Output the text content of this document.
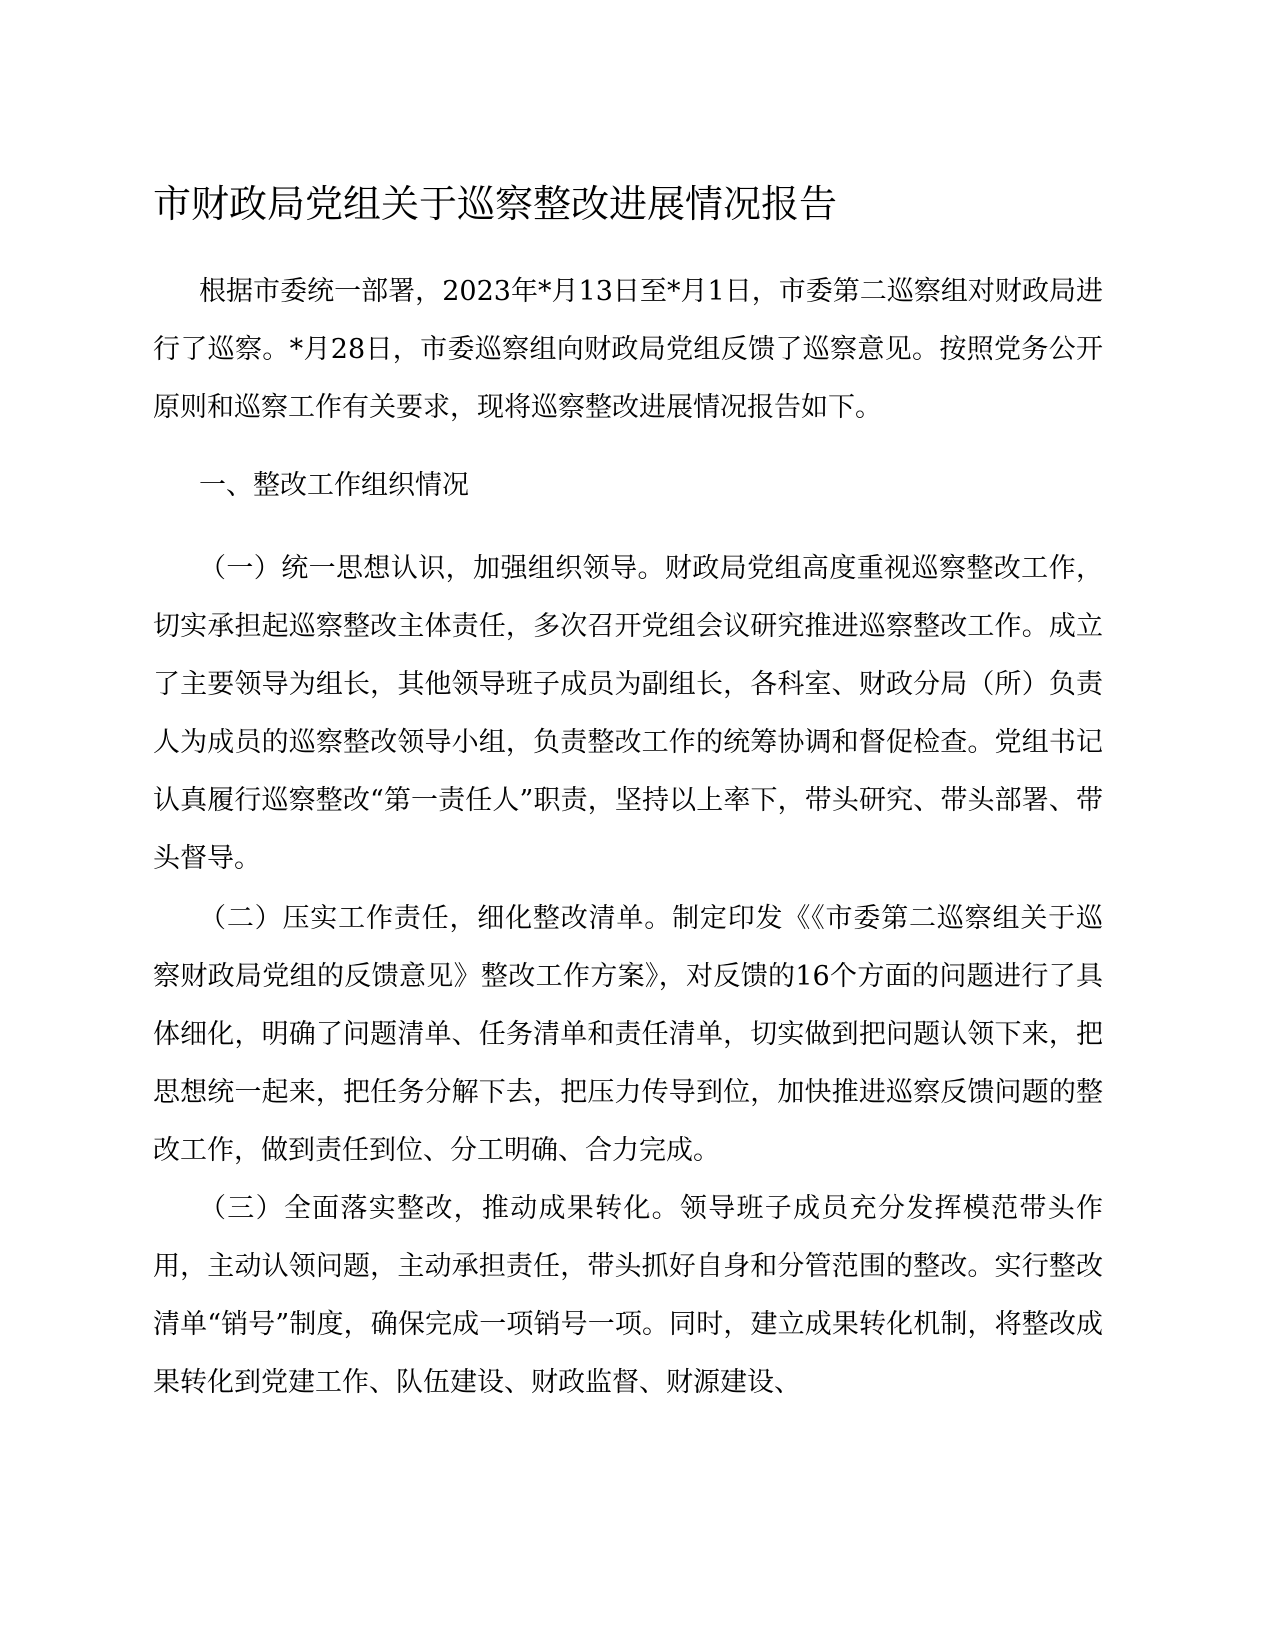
市财政局党组关于巡察整改进展情况报告

根据市委统一部署，2023年*月13日至*月1日，市委第二巡察组对财政局进行了巡察。*月28日，市委巡察组向财政局党组反馈了巡察意见。按照党务公开原则和巡察工作有关要求，现将巡察整改进展情况报告如下。

一、整改工作组织情况

（一）统一思想认识，加强组织领导。财政局党组高度重视巡察整改工作，切实承担起巡察整改主体责任，多次召开党组会议研究推进巡察整改工作。成立了主要领导为组长，其他领导班子成员为副组长，各科室、财政分局（所）负责人为成员的巡察整改领导小组，负责整改工作的统筹协调和督促检查。党组书记认真履行巡察整改“第一责任人”职责，坚持以上率下，带头研究、带头部署、带头督导。

（二）压实工作责任，细化整改清单。制定印发《《市委第二巡察组关于巡察财政局党组的反馈意见》整改工作方案》，对反馈的16个方面的问题进行了具体细化，明确了问题清单、任务清单和责任清单，切实做到把问题认领下来，把思想统一起来，把任务分解下去，把压力传导到位，加快推进巡察反馈问题的整改工作，做到责任到位、分工明确、合力完成。

（三）全面落实整改，推动成果转化。领导班子成员充分发挥模范带头作用，主动认领问题，主动承担责任，带头抓好自身和分管范围的整改。实行整改清单“销号”制度，确保完成一项销号一项。同时，建立成果转化机制，将整改成果转化到党建工作、队伍建设、财政监督、财源建设、
